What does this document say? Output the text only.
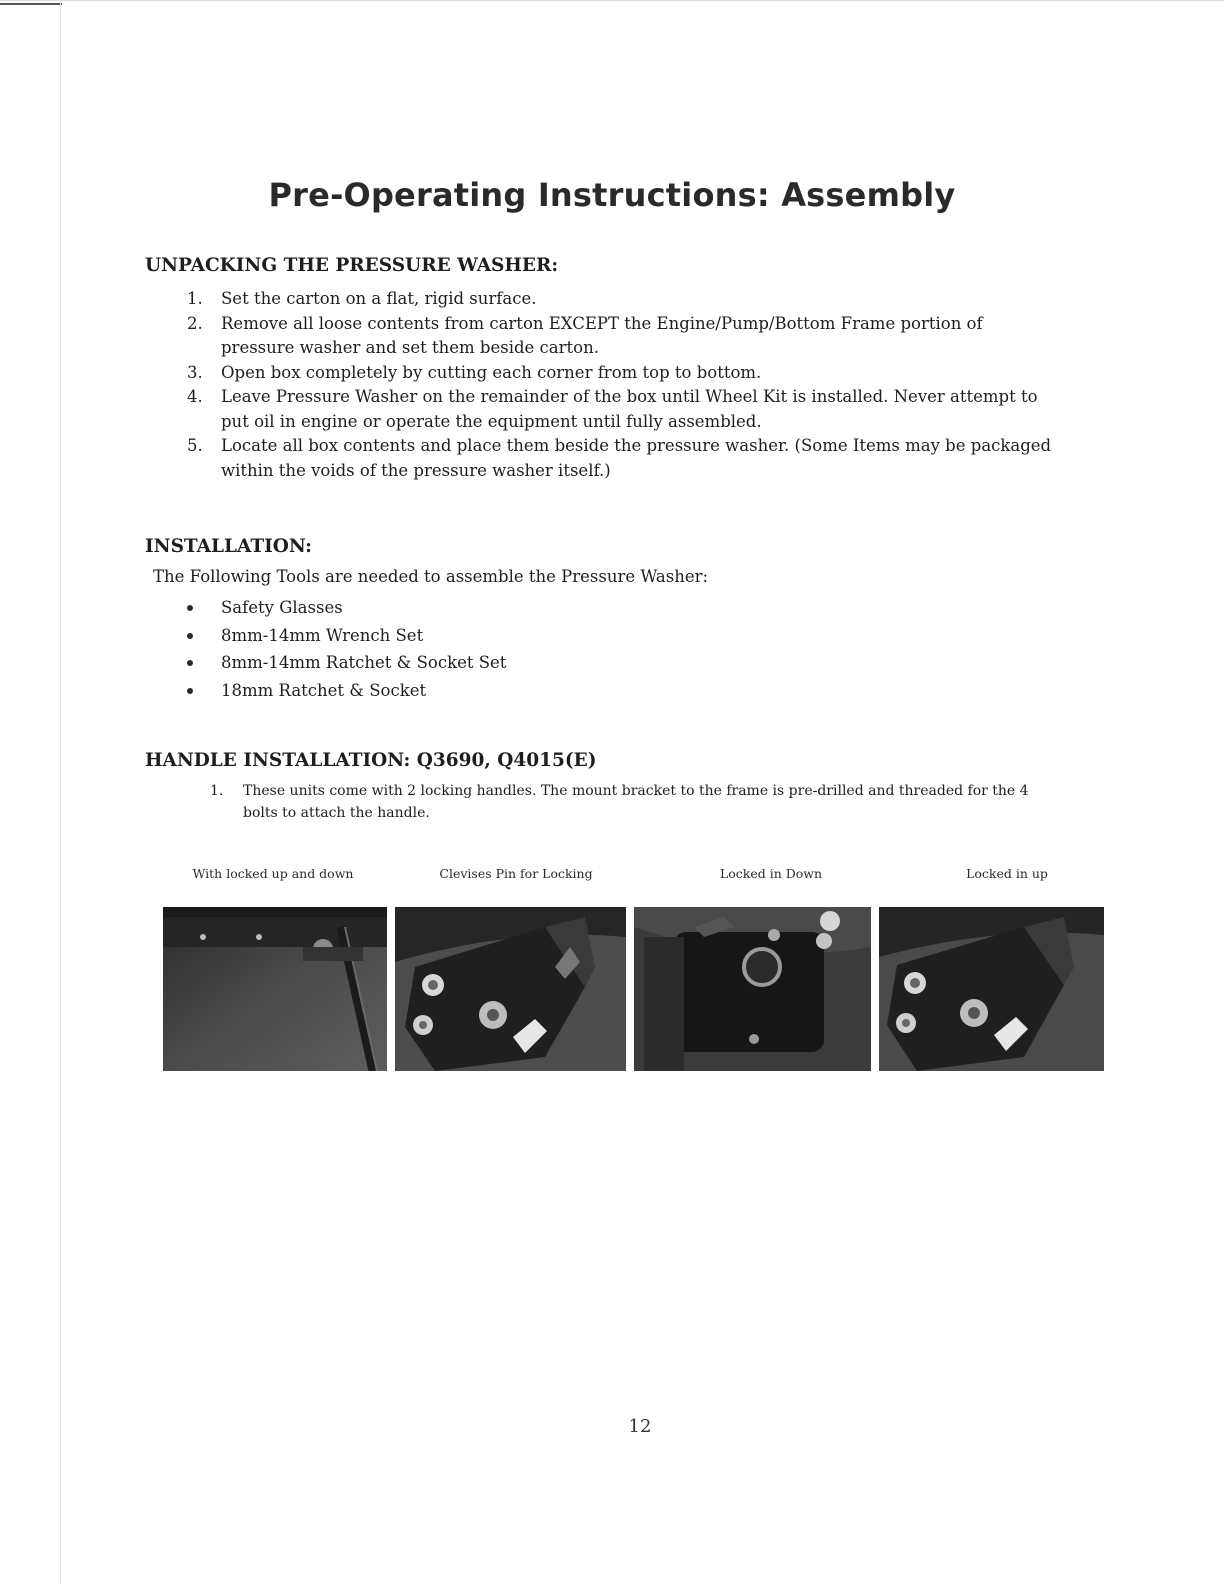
Pre-Operating Instructions: Assembly
UNPACKING THE PRESSURE WASHER:
1. Set the carton on a flat, rigid surface.
2. Remove all loose contents from carton EXCEPT the Engine/Pump/Bottom Frame portion of
pressure washer and set them beside carton.
3. Open box completely by cutting each corner from top to bottom.
4. Leave Pressure Washer on the remainder of the box until Wheel Kit is installed. Never attempt to
put oil in engine or operate the equipment until fully assembled.
5. Locate all box contents and place them beside the pressure washer. (Some Items may be packaged
within the voids of the pressure washer itself.)
INSTALLATION:
The Following Tools are needed to assemble the Pressure Washer:
Safety Glasses
8mm-14mm Wrench Set
8mm-14mm Ratchet & Socket Set
18mm Ratchet & Socket
HANDLE INSTALLATION: Q3690, Q4015(E)
1. These units come with 2 locking handles. The mount bracket to the frame is pre-drilled and threaded for the 4
bolts to attach the handle.
With locked up and down	Clevises Pin for Locking	Locked in Down	Locked in up
12
